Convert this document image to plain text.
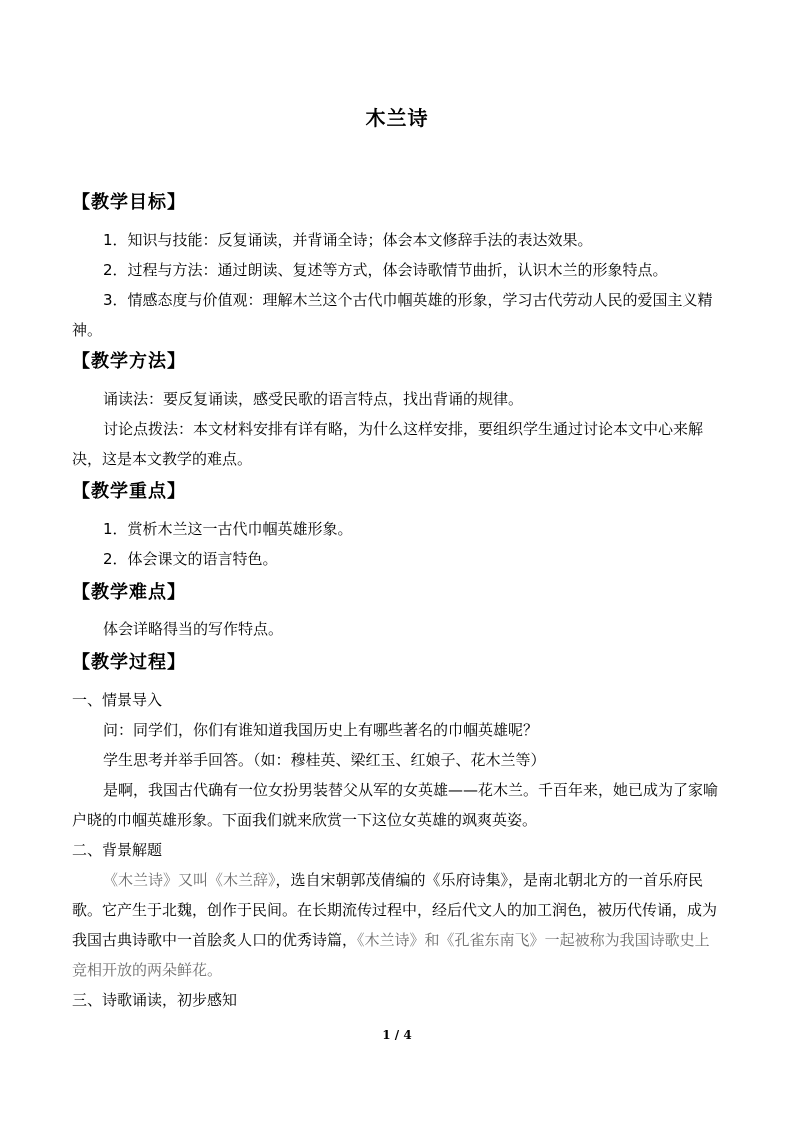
木兰诗
【教学目标】
1．知识与技能：反复诵读，并背诵全诗；体会本文修辞手法的表达效果。
2．过程与方法：通过朗读、复述等方式，体会诗歌情节曲折，认识木兰的形象特点。
3．情感态度与价值观：理解木兰这个古代巾帼英雄的形象，学习古代劳动人民的爱国主义精神。
【教学方法】
诵读法：要反复诵读，感受民歌的语言特点，找出背诵的规律。
讨论点拨法：本文材料安排有详有略，为什么这样安排，要组织学生通过讨论本文中心来解决，这是本文教学的难点。
【教学重点】
1．赏析木兰这一古代巾帼英雄形象。
2．体会课文的语言特色。
【教学难点】
体会详略得当的写作特点。
【教学过程】
一、情景导入
问：同学们，你们有谁知道我国历史上有哪些著名的巾帼英雄呢？
学生思考并举手回答。（如：穆桂英、梁红玉、红娘子、花木兰等）
是啊，我国古代确有一位女扮男装替父从军的女英雄——花木兰。千百年来，她已成为了家喻户晓的巾帼英雄形象。下面我们就来欣赏一下这位女英雄的飒爽英姿。
二、背景解题
《木兰诗》又叫《木兰辞》，选自宋朝郭茂倩编的《乐府诗集》，是南北朝北方的一首乐府民歌。它产生于北魏，创作于民间。在长期流传过程中，经后代文人的加工润色，被历代传诵，成为我国古典诗歌中一首脍炙人口的优秀诗篇，《木兰诗》和《孔雀东南飞》一起被称为我国诗歌史上竞相开放的两朵鲜花。
三、诗歌诵读，初步感知
1 / 4
